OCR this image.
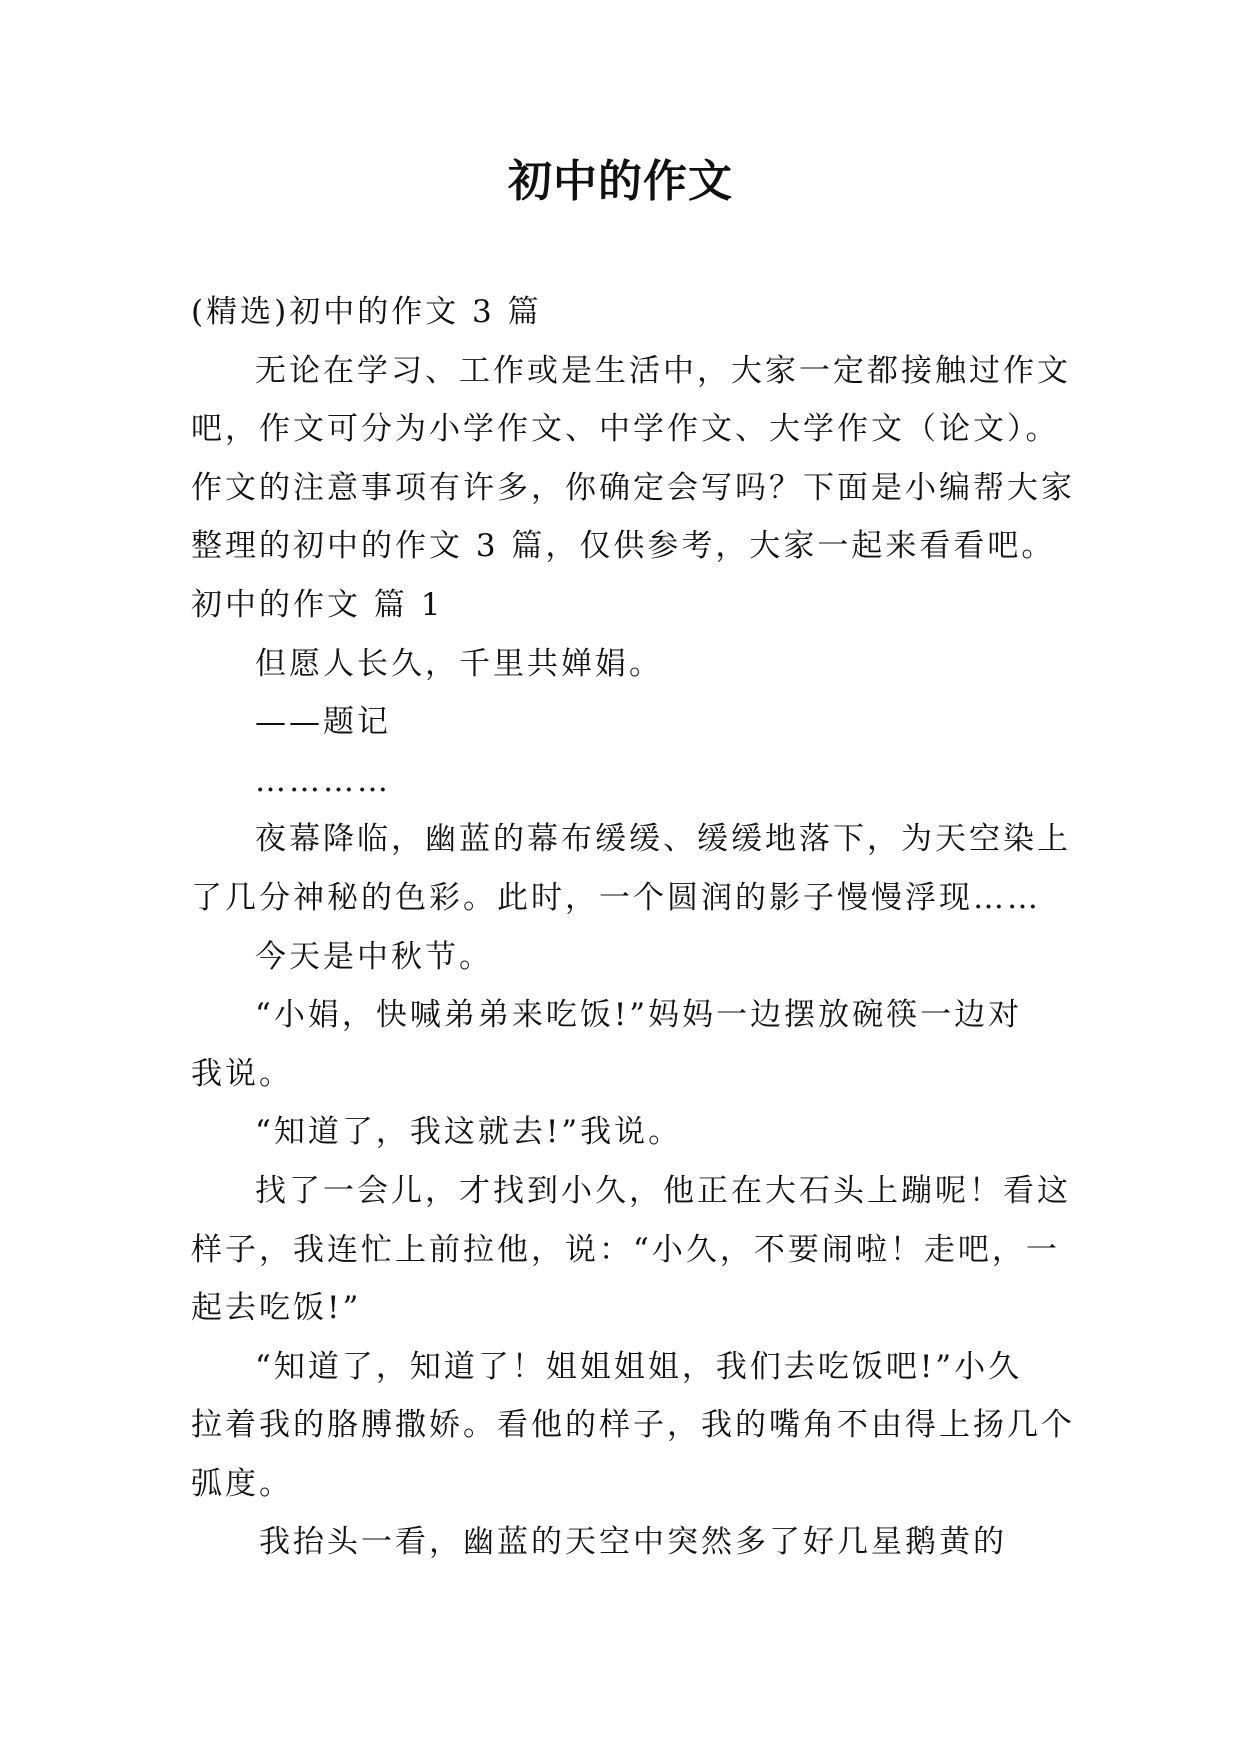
初中的作文
(精选)初中的作文 3 篇
无论在学习、工作或是生活中，大家一定都接触过作文
吧，作文可分为小学作文、中学作文、大学作文（论文）。
作文的注意事项有许多，你确定会写吗？下面是小编帮大家
整理的初中的作文 3 篇，仅供参考，大家一起来看看吧。
初中的作文 篇 1
但愿人长久，千里共婵娟。
——题记
…………
夜幕降临，幽蓝的幕布缓缓、缓缓地落下，为天空染上
了几分神秘的色彩。此时，一个圆润的影子慢慢浮现……
今天是中秋节。
“小娟，快喊弟弟来吃饭!”妈妈一边摆放碗筷一边对
我说。
“知道了，我这就去!”我说。
找了一会儿，才找到小久，他正在大石头上蹦呢！看这
样子，我连忙上前拉他，说：“小久，不要闹啦！走吧，一
起去吃饭!”
“知道了，知道了！姐姐姐姐，我们去吃饭吧!”小久
拉着我的胳膊撒娇。看他的样子，我的嘴角不由得上扬几个
弧度。
我抬头一看，幽蓝的天空中突然多了好几星鹅黄的
